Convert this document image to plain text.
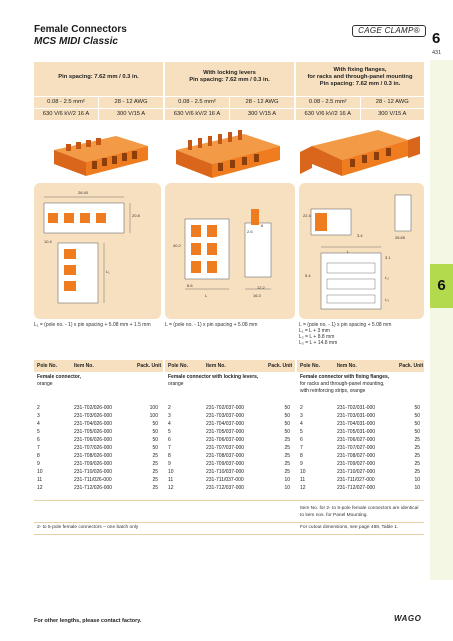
Female Connectors
MCS MIDI Classic
CAGE CLAMP® 6
431
6
Pin spacing: 7.62 mm / 0.3 in.
0.08 - 2.5 mm²	28 - 12 AWG
630 V/6 kV/2 16 A	300 V/15 A
With locking levers
Pin spacing: 7.62 mm / 0.3 in.
0.08 - 2.5 mm²	28 - 12 AWG
630 V/6 kV/2 16 A	300 V/15 A
With fixing flanges,
for racks and through-panel mounting
Pin spacing: 7.62 mm / 0.3 in.
0.08 - 2.5 mm²	28 - 12 AWG
630 V/6 kV/2 16 A	300 V/15 A
26.40
20.8
L₁
10.4
2.6
6
12.2
16.3
8.6
L
40.2
22.4
3.4	26.65
L
L₂
3.1
5.4
L₃
L₁ = (pole no. - 1) x pin spacing + 5.08 mm + 1.5 mm	L = (pole no. - 1) x pin spacing + 5.08 mm	L = (pole no. - 1) x pin spacing + 5.08 mm
L₁ = L + 3 mm
L₂ = L + 8.8 mm
L₃ = L + 14.8 mm
Pole No.	Item No.	Pack. Unit Pole No.	Item No.	Pack. Unit Pole No.	Item No.	Pack. Unit
Female connector,
orange
Female connector with locking levers,
orange
Female connector with fixing flanges,
for racks and through-panel mounting,
with reinforcing strips, orange
2	231-702/026-000	100 2	231-702/037-000	50 2	231-702/031-000	50
3	231-703/026-000	100 3	231-703/037-000	50 3	231-703/031-000	50
4	231-704/026-000	50 4	231-704/037-000	50 4	231-704/031-000	50
5	231-705/026-000	50 5	231-705/037-000	50 5	231-705/031-000	50
6	231-706/026-000	50 6	231-706/037-000	25 6	231-706/027-000	25
7	231-707/026-000	50 7	231-707/037-000	25 7	231-707/027-000	25
8	231-708/026-000	25 8	231-708/037-000	25 8	231-708/027-000	25
9	231-709/026-000	25 9	231-709/037-000	25 9	231-709/027-000	25
10	231-710/026-000	25 10	231-710/037-000	25 10	231-710/027-000	25
11	231-711/026-000	25 11	231-711/037-000	10 11	231-711/027-000	10
12	231-712/026-000	25 12	231-712/037-000	10 12	231-712/027-000	10
Item No. for 2- to 5-pole female connectors are identical
to item nos. for Panel Mounting.
2- to 5-pole female connectors – one batch only	For cutout dimensions, see page 488, Table 1.
For other lengths, please contact factory.	WAGO
